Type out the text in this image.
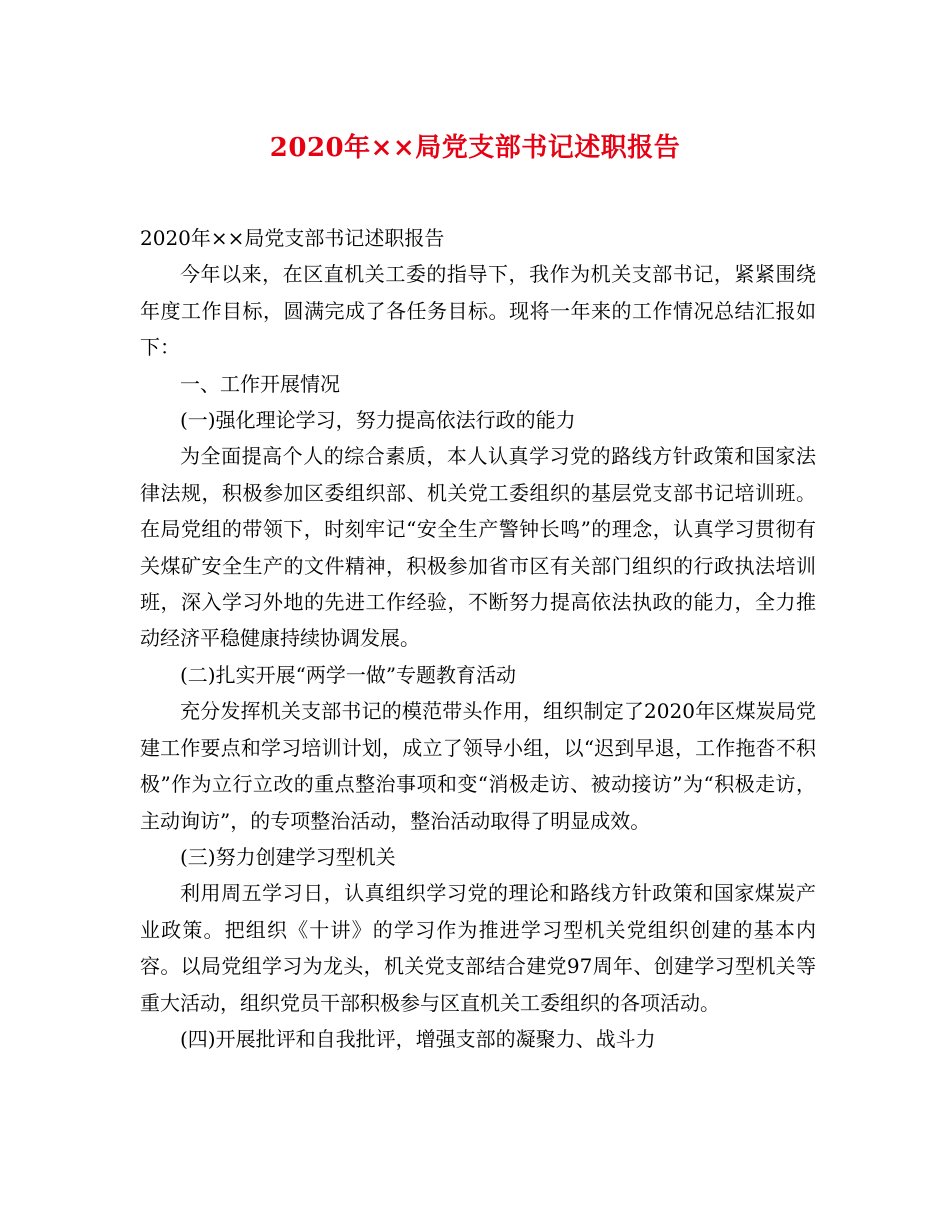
2020年××局党支部书记述职报告

2020年××局党支部书记述职报告

今年以来，在区直机关工委的指导下，我作为机关支部书记，紧紧围绕年度工作目标，圆满完成了各任务目标。现将一年来的工作情况总结汇报如下：

一、工作开展情况

(一)强化理论学习，努力提高依法行政的能力

为全面提高个人的综合素质，本人认真学习党的路线方针政策和国家法律法规，积极参加区委组织部、机关党工委组织的基层党支部书记培训班。在局党组的带领下，时刻牢记“安全生产警钟长鸣”的理念，认真学习贯彻有关煤矿安全生产的文件精神，积极参加省市区有关部门组织的行政执法培训班，深入学习外地的先进工作经验，不断努力提高依法执政的能力，全力推动经济平稳健康持续协调发展。

(二)扎实开展“两学一做”专题教育活动

充分发挥机关支部书记的模范带头作用，组织制定了2020年区煤炭局党建工作要点和学习培训计划，成立了领导小组，以“迟到早退，工作拖沓不积极”作为立行立改的重点整治事项和变“消极走访、被动接访”为“积极走访，主动询访”，的专项整治活动，整治活动取得了明显成效。

(三)努力创建学习型机关

利用周五学习日，认真组织学习党的理论和路线方针政策和国家煤炭产业政策。把组织《十讲》的学习作为推进学习型机关党组织创建的基本内容。以局党组学习为龙头，机关党支部结合建党97周年、创建学习型机关等重大活动，组织党员干部积极参与区直机关工委组织的各项活动。

(四)开展批评和自我批评，增强支部的凝聚力、战斗力
